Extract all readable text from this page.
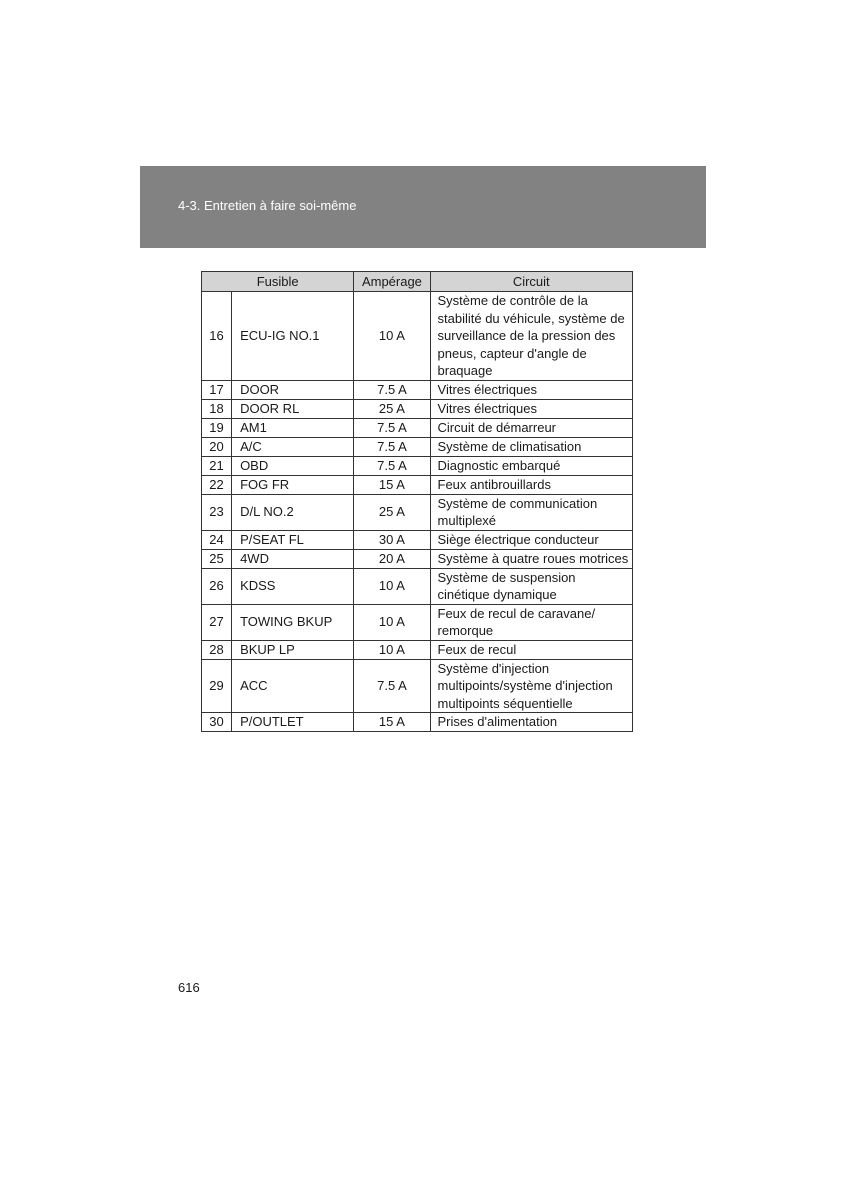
4-3. Entretien à faire soi-même
Fusible		Ampérage	Circuit
16	ECU-IG NO.1	10 A	Système de contrôle de la stabilité du véhicule, système de surveillance de la pression des pneus, capteur d'angle de braquage
17	DOOR	7.5 A	Vitres électriques
18	DOOR RL	25 A	Vitres électriques
19	AM1	7.5 A	Circuit de démarreur
20	A/C	7.5 A	Système de climatisation
21	OBD	7.5 A	Diagnostic embarqué
22	FOG FR	15 A	Feux antibrouillards
23	D/L NO.2	25 A	Système de communication multiplexé
24	P/SEAT FL	30 A	Siège électrique conducteur
25	4WD	20 A	Système à quatre roues motrices
26	KDSS	10 A	Système de suspension cinétique dynamique
27	TOWING BKUP	10 A	Feux de recul de caravane/ remorque
28	BKUP LP	10 A	Feux de recul
29	ACC	7.5 A	Système d'injection multipoints/système d'injection multipoints séquentielle
30	P/OUTLET	15 A	Prises d'alimentation
616
